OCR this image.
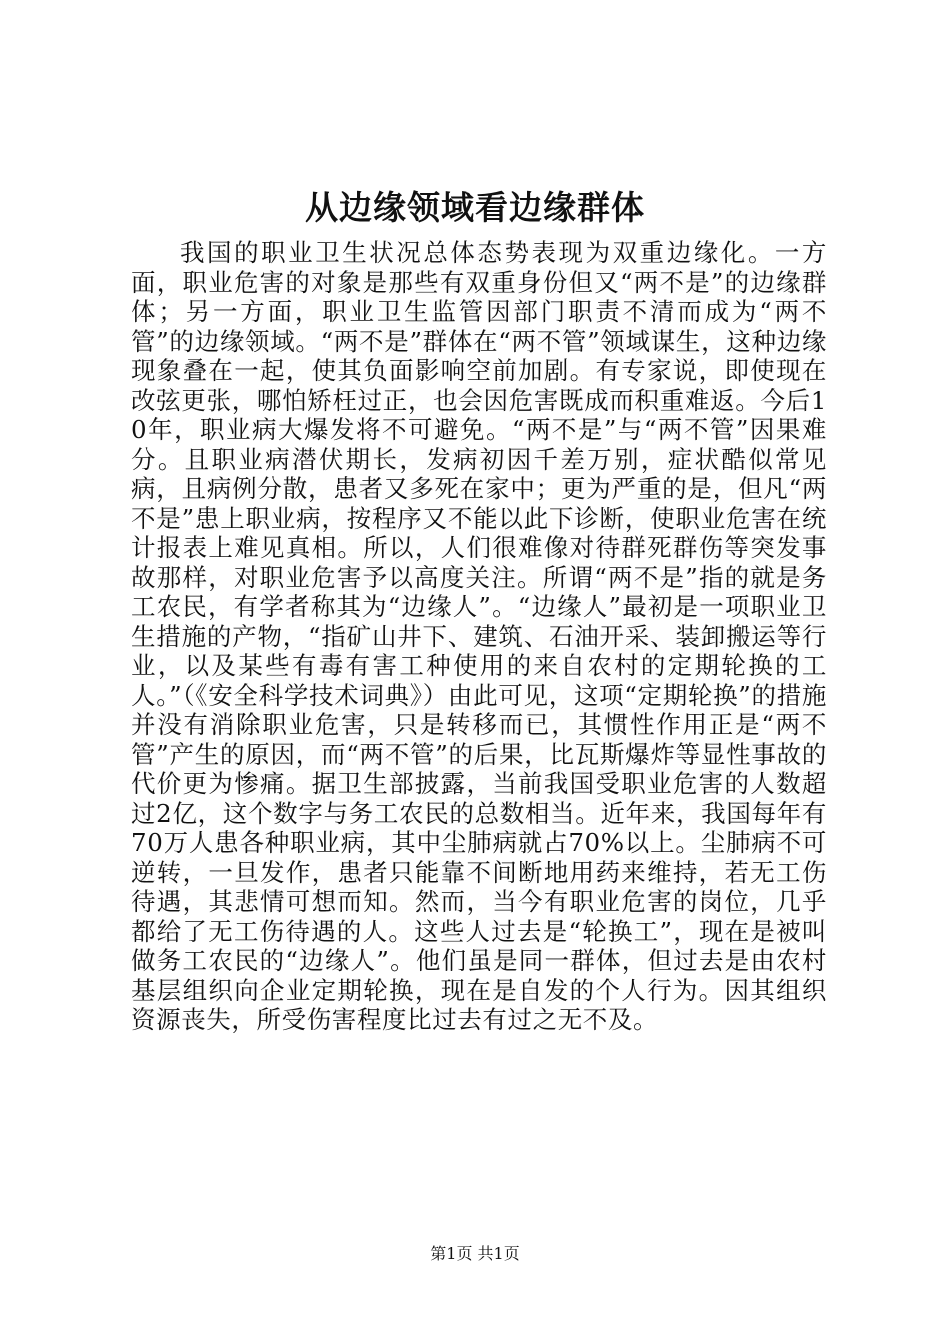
从边缘领域看边缘群体

我国的职业卫生状况总体态势表现为双重边缘化。一方面，职业危害的对象是那些有双重身份但又“两不是”的边缘群体；另一方面，职业卫生监管因部门职责不清而成为“两不管”的边缘领域。“两不是”群体在“两不管”领域谋生，这种边缘现象叠在一起，使其负面影响空前加剧。有专家说，即使现在改弦更张，哪怕矫枉过正，也会因危害既成而积重难返。今后10年，职业病大爆发将不可避免。“两不是”与“两不管”因果难分。且职业病潜伏期长，发病初因千差万别，症状酷似常见病，且病例分散，患者又多死在家中；更为严重的是，但凡“两不是”患上职业病，按程序又不能以此下诊断，使职业危害在统计报表上难见真相。所以，人们很难像对待群死群伤等突发事故那样，对职业危害予以高度关注。所谓“两不是”指的就是务工农民，有学者称其为“边缘人”。“边缘人”最初是一项职业卫生措施的产物，“指矿山井下、建筑、石油开采、装卸搬运等行业，以及某些有毒有害工种使用的来自农村的定期轮换的工人。”（《安全科学技术词典》）由此可见，这项“定期轮换”的措施并没有消除职业危害，只是转移而已，其惯性作用正是“两不管”产生的原因，而“两不管”的后果，比瓦斯爆炸等显性事故的代价更为惨痛。据卫生部披露，当前我国受职业危害的人数超过2亿，这个数字与务工农民的总数相当。近年来，我国每年有70万人患各种职业病，其中尘肺病就占70%以上。尘肺病不可逆转，一旦发作，患者只能靠不间断地用药来维持，若无工伤待遇，其悲情可想而知。然而，当今有职业危害的岗位，几乎都给了无工伤待遇的人。这些人过去是“轮换工”，现在是被叫做务工农民的“边缘人”。他们虽是同一群体，但过去是由农村基层组织向企业定期轮换，现在是自发的个人行为。因其组织资源丧失，所受伤害程度比过去有过之无不及。

第1页 共1页
